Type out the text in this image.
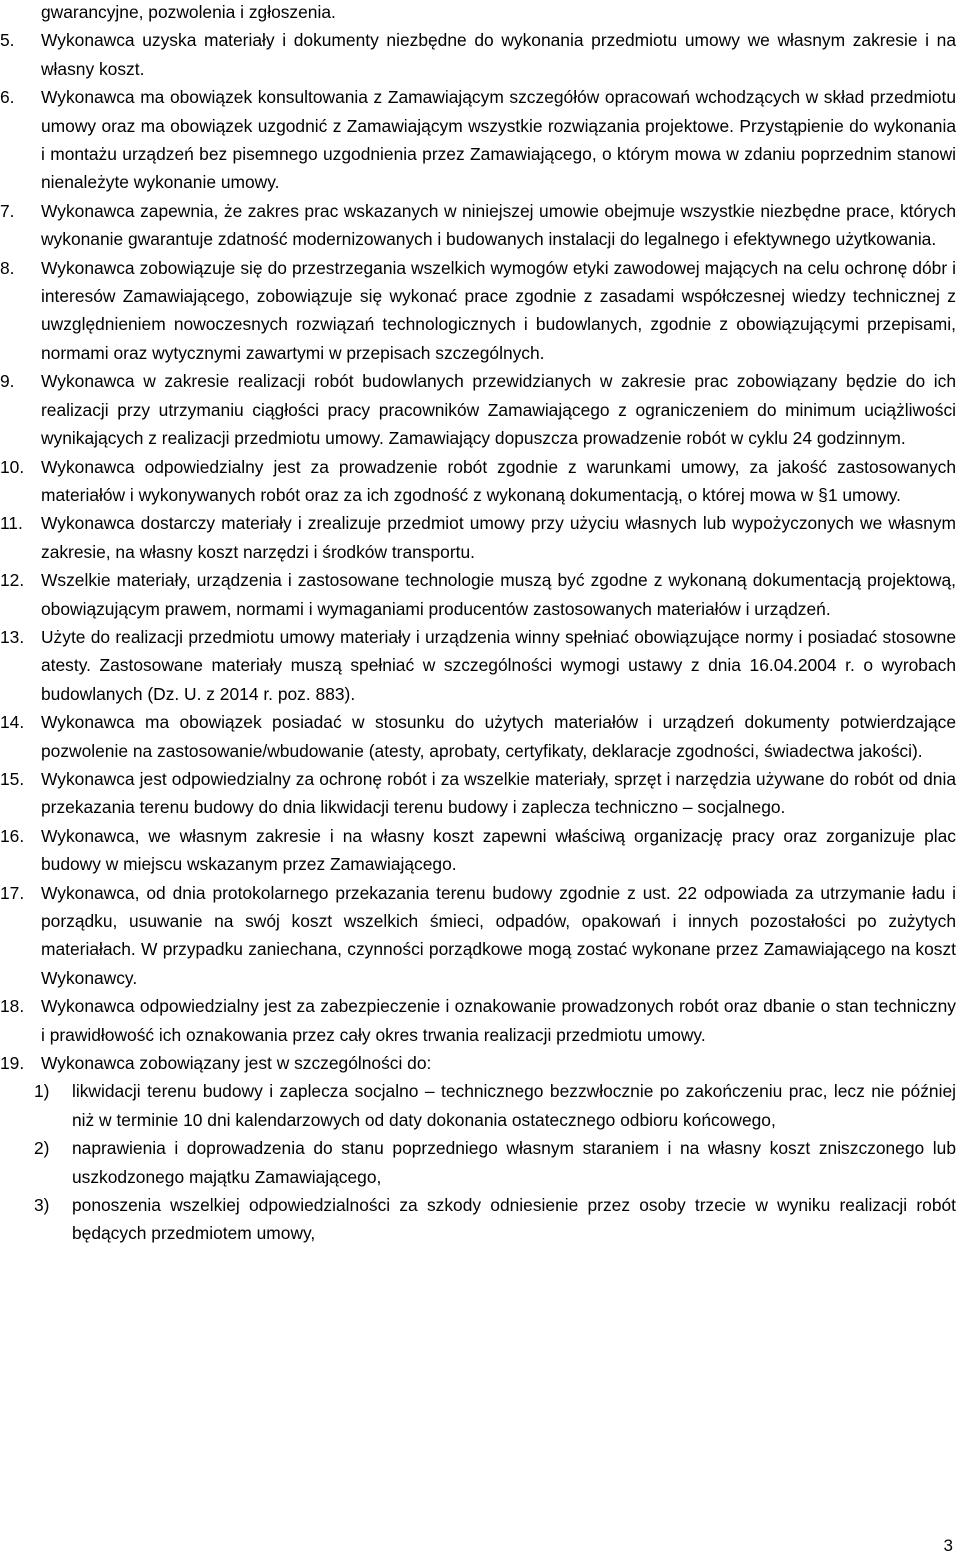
gwarancyjne, pozwolenia i zgłoszenia.
5.	Wykonawca uzyska materiały i dokumenty niezbędne do wykonania przedmiotu umowy we własnym zakresie i na własny koszt.
6.	Wykonawca ma obowiązek konsultowania z Zamawiającym szczegółów opracowań wchodzących w skład przedmiotu umowy oraz ma obowiązek uzgodnić z Zamawiającym wszystkie rozwiązania projektowe. Przystąpienie do wykonania i montażu urządzeń bez pisemnego uzgodnienia przez Zamawiającego, o którym mowa w zdaniu poprzednim stanowi nienależyte wykonanie umowy.
7.	Wykonawca zapewnia, że zakres prac wskazanych w niniejszej umowie obejmuje wszystkie niezbędne prace, których wykonanie gwarantuje zdatność modernizowanych i budowanych instalacji do legalnego i efektywnego użytkowania.
8.	Wykonawca zobowiązuje się do przestrzegania wszelkich wymogów etyki zawodowej mających na celu ochronę dóbr i interesów Zamawiającego, zobowiązuje się wykonać prace zgodnie z zasadami współczesnej wiedzy technicznej z uwzględnieniem nowoczesnych rozwiązań technologicznych i budowlanych, zgodnie z obowiązującymi przepisami, normami oraz wytycznymi zawartymi w przepisach szczególnych.
9.	Wykonawca w zakresie realizacji robót budowlanych przewidzianych w zakresie prac zobowiązany będzie do ich realizacji przy utrzymaniu ciągłości pracy pracowników Zamawiającego z ograniczeniem do minimum uciążliwości wynikających z realizacji przedmiotu umowy. Zamawiający dopuszcza prowadzenie robót w cyklu 24 godzinnym.
10. Wykonawca odpowiedzialny jest za prowadzenie robót zgodnie z warunkami umowy, za jakość zastosowanych materiałów i wykonywanych robót oraz za ich zgodność z wykonaną dokumentacją, o której mowa w §1 umowy.
11.	Wykonawca dostarczy materiały i zrealizuje przedmiot umowy przy użyciu własnych lub wypożyczonych we własnym zakresie, na własny koszt narzędzi i środków transportu.
12. Wszelkie materiały, urządzenia i zastosowane technologie muszą być zgodne z wykonaną dokumentacją projektową, obowiązującym prawem, normami i wymaganiami producentów zastosowanych materiałów i urządzeń.
13. Użyte do realizacji przedmiotu umowy materiały i urządzenia winny spełniać obowiązujące normy i posiadać stosowne atesty. Zastosowane materiały muszą spełniać w szczególności wymogi ustawy z dnia 16.04.2004 r. o wyrobach budowlanych (Dz. U. z 2014 r. poz. 883).
14. Wykonawca ma obowiązek posiadać w stosunku do użytych materiałów i urządzeń dokumenty potwierdzające pozwolenie na zastosowanie/wbudowanie (atesty, aprobaty, certyfikaty, deklaracje zgodności, świadectwa jakości).
15. Wykonawca jest odpowiedzialny za ochronę robót i za wszelkie materiały, sprzęt i narzędzia używane do robót od dnia przekazania terenu budowy do dnia likwidacji terenu budowy i zaplecza techniczno – socjalnego.
16. Wykonawca, we własnym zakresie i na własny koszt zapewni właściwą organizację pracy oraz zorganizuje plac budowy w miejscu wskazanym przez Zamawiającego.
17. Wykonawca, od dnia protokolarnego przekazania terenu budowy zgodnie z ust. 22 odpowiada za utrzymanie ładu i porządku, usuwanie na swój koszt wszelkich śmieci, odpadów, opakowań i innych pozostałości po zużytych materiałach. W przypadku zaniechana, czynności porządkowe mogą zostać wykonane przez Zamawiającego na koszt Wykonawcy.
18. Wykonawca odpowiedzialny jest za zabezpieczenie i oznakowanie prowadzonych robót oraz dbanie o stan techniczny i prawidłowość ich oznakowania przez cały okres trwania realizacji przedmiotu umowy.
19. Wykonawca zobowiązany jest w szczególności do:
1)	likwidacji terenu budowy i zaplecza socjalno – technicznego bezzwłocznie po zakończeniu prac, lecz nie później niż w terminie 10 dni kalendarzowych od daty dokonania ostatecznego odbioru końcowego,
2)	naprawienia i doprowadzenia do stanu poprzedniego własnym staraniem i na własny koszt zniszczonego lub uszkodzonego majątku Zamawiającego,
3)	ponoszenia wszelkiej odpowiedzialności za szkody odniesienie przez osoby trzecie w wyniku realizacji robót będących przedmiotem umowy,
3
